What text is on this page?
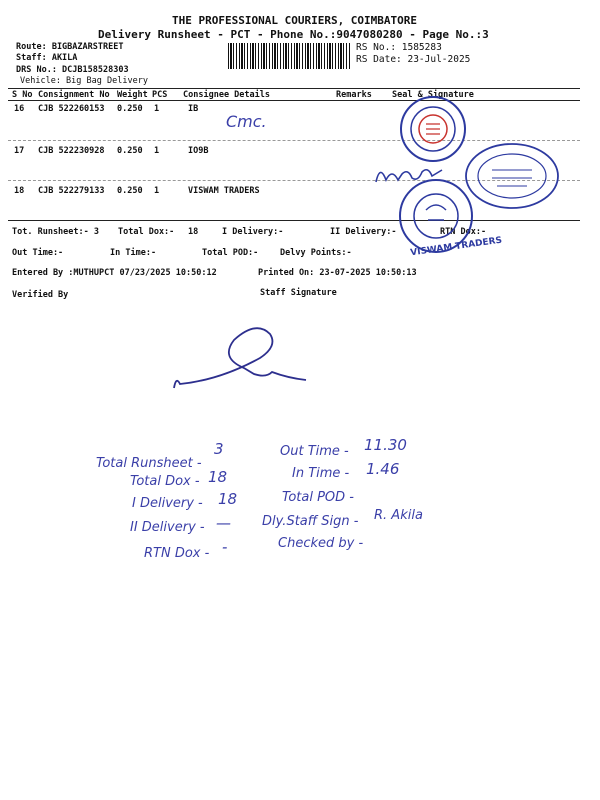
THE PROFESSIONAL COURIERS, COIMBATORE
Delivery Runsheet - PCT - Phone No.:9047080280 - Page No.:3
Route: BIGBAZARSTREET
Staff: AKILA
DRS No.: DCJB158528303
Vehicle: Big Bag Delivery
RS No.: 1585283
RS Date: 23-Jul-2025
S No Consignment No Weight PCS Consignee Details	Remarks Seal & Signature
16 CJB 522260153 0.250 1	IB
Cmc.
17 CJB 522230928 0.250 1	IO9B
18 CJB 522279133 0.250 1	VISWAM TRADERS
Tot. Runsheet:- 3 Total Dox:- 18	I Delivery:-	II Delivery:-	RTN Dox:-
Out Time:-	In Time:-	Total POD:-	Delvy Points:-
Entered By :MUTHUPCT 07/23/2025 10:50:12	Printed On: 23-07-2025 10:50:13
Verified By	Staff Signature
VISWAM TRADERS
Total Runsheet -
3
Total Dox - 18
I Delivery - 18
II Delivery - —
RTN Dox - -
Out Time - 11.30
In Time - 1.46
Total POD -
Dly.Staff Sign - R. Akila
Checked by -
